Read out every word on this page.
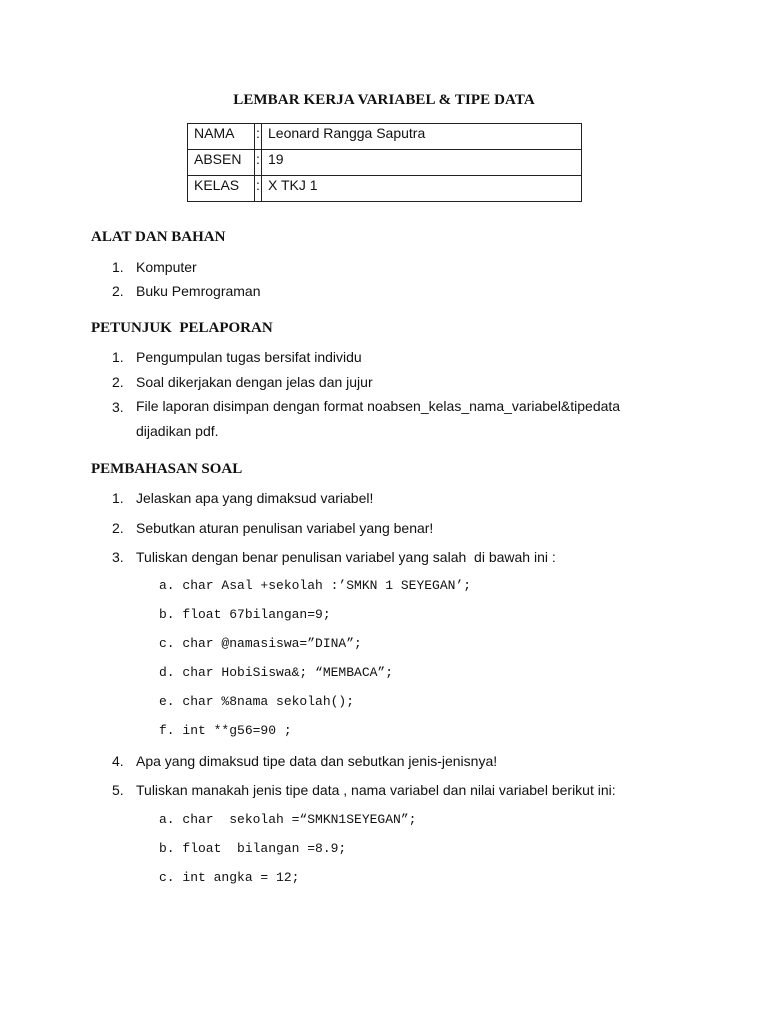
LEMBAR KERJA VARIABEL & TIPE DATA
NAMA	:	Leonard Rangga Saputra
ABSEN	:	19
KELAS	:	X TKJ 1
ALAT DAN BAHAN
1. Komputer
2. Buku Pemrograman
PETUNJUK  PELAPORAN
1. Pengumpulan tugas bersifat individu
2. Soal dikerjakan dengan jelas dan jujur
3. File laporan disimpan dengan format noabsen_kelas_nama_variabel&tipedata dijadikan pdf.
PEMBAHASAN SOAL
1. Jelaskan apa yang dimaksud variabel!
2. Sebutkan aturan penulisan variabel yang benar!
3. Tuliskan dengan benar penulisan variabel yang salah  di bawah ini :
a. char Asal +sekolah :’SMKN 1 SEYEGAN’;
b. float 67bilangan=9;
c. char @namasiswa=”DINA”;
d. char HobiSiswa&; “MEMBACA”;
e. char %8nama sekolah();
f. int **g56=90 ;
4. Apa yang dimaksud tipe data dan sebutkan jenis-jenisnya!
5. Tuliskan manakah jenis tipe data , nama variabel dan nilai variabel berikut ini:
a. char  sekolah =“SMKN1SEYEGAN”;
b. float  bilangan =8.9;
c. int angka = 12;
